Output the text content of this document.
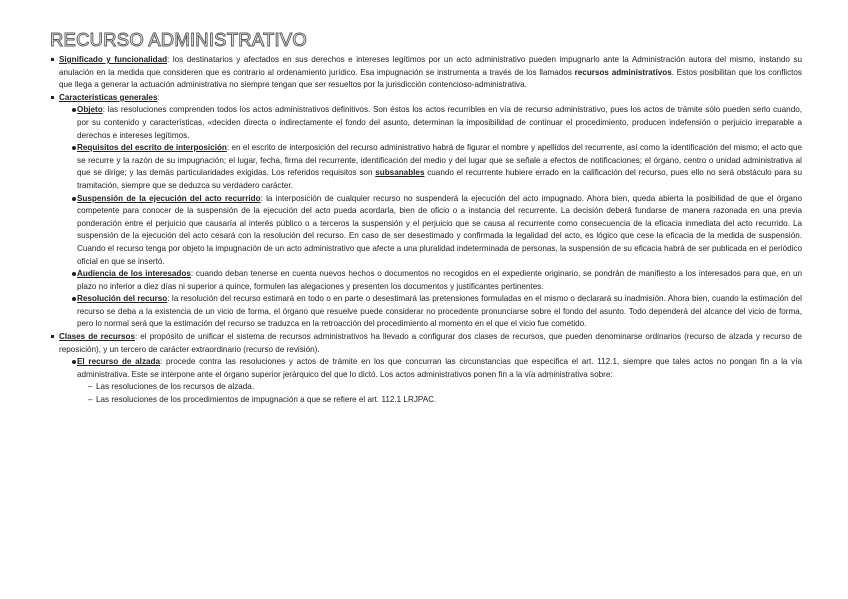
RECURSO ADMINISTRATIVO
Significado y funcionalidad: los destinatarios y afectados en sus derechos e intereses legítimos por un acto administrativo pueden impugnarlo ante la Administración autora del mismo, instando su anulación en la medida que consideren que es contrario al ordenamiento jurídico. Esa impugnación se instrumenta a través de los llamados recursos administrativos. Estos posibilitan que los conflictos que llega a generar la actuación administrativa no siempre tengan que ser resueltos por la jurisdicción contencioso-administrativa.
Características generales:
Objeto: las resoluciones comprenden todos los actos administrativos definitivos. Son éstos los actos recurribles en vía de recurso administrativo, pues los actos de trámite sólo pueden serlo cuando, por su contenido y características, «deciden directa o indirectamente el fondo del asunto, determinan la imposibilidad de continuar el procedimiento, producen indefensión o perjuicio irreparable a derechos e intereses legítimos.
Requisitos del escrito de interposición: en el escrito de interposición del recurso administrativo habrá de figurar el nombre y apellidos del recurrente, así como la identificación del mismo; el acto que se recurre y la razón de su impugnación; el lugar, fecha, firma del recurrente, identificación del medio y del lugar que se señale a efectos de notificaciones; el órgano, centro o unidad administrativa al que se dirige; y las demás particularidades exigidas. Los referidos requisitos son subsanables cuando el recurrente hubiere errado en la calificación del recurso, pues ello no será obstáculo para su tramitación, siempre que se deduzca su verdadero carácter.
Suspensión de la ejecución del acto recurrido: la interposición de cualquier recurso no suspenderá la ejecución del acto impugnado. Ahora bien, queda abierta la posibilidad de que el órgano competente para conocer de la suspensión de la ejecución del acto pueda acordarla, bien de oficio o a instancia del recurrente. La decisión deberá fundarse de manera razonada en una previa ponderación entre el perjuicio que causaría al interés público o a terceros la suspensión y el perjuicio que se causa al recurrente como consecuencia de la eficacia inmediata del acto recurrido. La suspensión de la ejecución del acto cesará con la resolución del recurso. En caso de ser desestimado y confirmada la legalidad del acto, es lógico que cese la eficacia de la medida de suspensión. Cuando el recurso tenga por objeto la impugnación de un acto administrativo que afecte a una pluralidad indeterminada de personas, la suspensión de su eficacia habrá de ser publicada en el periódico oficial en que se insertó.
Audiencia de los interesados: cuando deban tenerse en cuenta nuevos hechos o documentos no recogidos en el expediente originario, se pondrán de manifiesto a los interesados para que, en un plazo no inferior a diez días ni superior a quince, formulen las alegaciones y presenten los documentos y justificantes pertinentes.
Resolución del recurso: la resolución del recurso estimará en todo o en parte o desestimará las pretensiones formuladas en el mismo o declarará su inadmisión. Ahora bien, cuando la estimación del recurso se deba a la existencia de un vicio de forma, el órgano que resuelve puede considerar no procedente pronunciarse sobre el fondo del asunto. Todo dependerá del alcance del vicio de forma, pero lo normal será que la estimación del recurso se traduzca en la retroacción del procedimiento al momento en el que el vicio fue cometido.
Clases de recursos: el propósito de unificar el sistema de recursos administrativos ha llevado a configurar dos clases de recursos, que pueden denominarse ordinarios (recurso de alzada y recurso de reposición), y un tercero de carácter extraordinario (recurso de revisión).
El recurso de alzada: procede contra las resoluciones y actos de trámite en los que concurran las circunstancias que especifica el art. 112.1, siempre que tales actos no pongan fin a la vía administrativa. Este se interpone ante el órgano superior jerárquico del que lo dictó. Los actos administrativos ponen fin a la vía administrativa sobre:
– Las resoluciones de los recursos de alzada.
– Las resoluciones de los procedimientos de impugnación a que se refiere el art. 112.1 LRJPAC.
